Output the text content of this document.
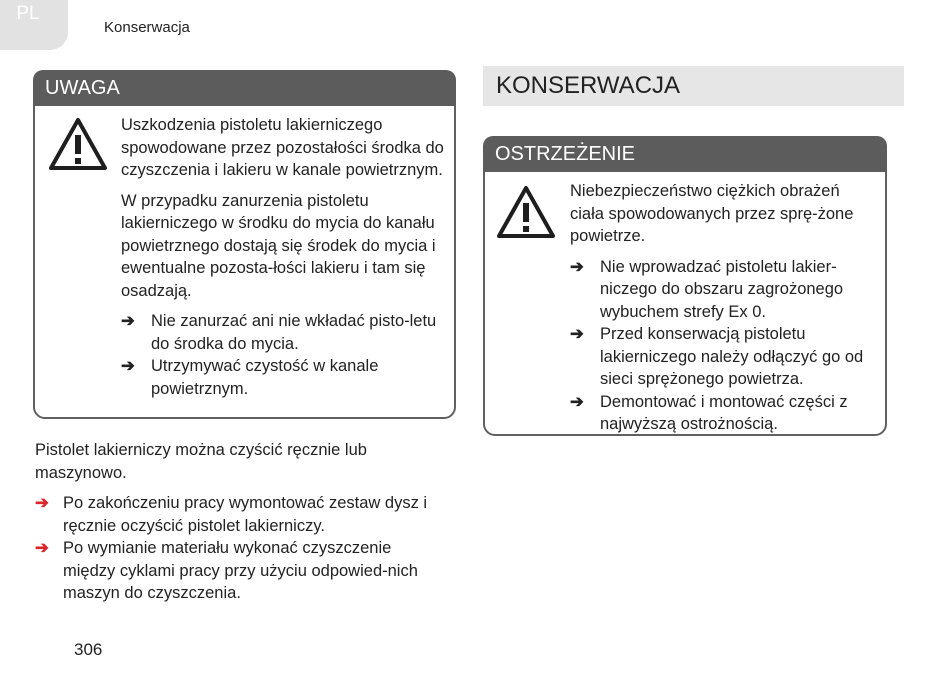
PL
Konserwacja
UWAGA

Uszkodzenia pistoletu lakierniczego spowodowane przez pozostałości środka do czyszczenia i lakieru w kanale powietrznym.

W przypadku zanurzenia pistoletu lakierniczego w środku do mycia do kanału powietrznego dostają się środek do mycia i ewentualne pozosta-łości lakieru i tam się osadzają.

➔ Nie zanurzać ani nie wkładać pisto-letu do środka do mycia.
➔ Utrzymywać czystość w kanale powietrznym.
KONSERWACJA
OSTRZEŻENIE

Niebezpieczeństwo ciężkich obrażeń ciała spowodowanych przez sprę-żone powietrze.

➔ Nie wprowadzać pistoletu lakier-niczego do obszaru zagrożonego wybuchem strefy Ex 0.
➔ Przed konserwacją pistoletu lakierniczego należy odłączyć go od sieci sprężonego powietrza.
➔ Demontować i montować części z najwyższą ostrożnością.

Pistolet lakierniczy można czyścić ręcznie lub maszynowo.

➔ Po zakończeniu pracy wymontować zestaw dysz i ręcznie oczyścić pistolet lakierniczy.
➔ Po wymianie materiału wykonać czyszczenie między cyklami pracy przy użyciu odpowied-nich maszyn do czyszczenia.
306
